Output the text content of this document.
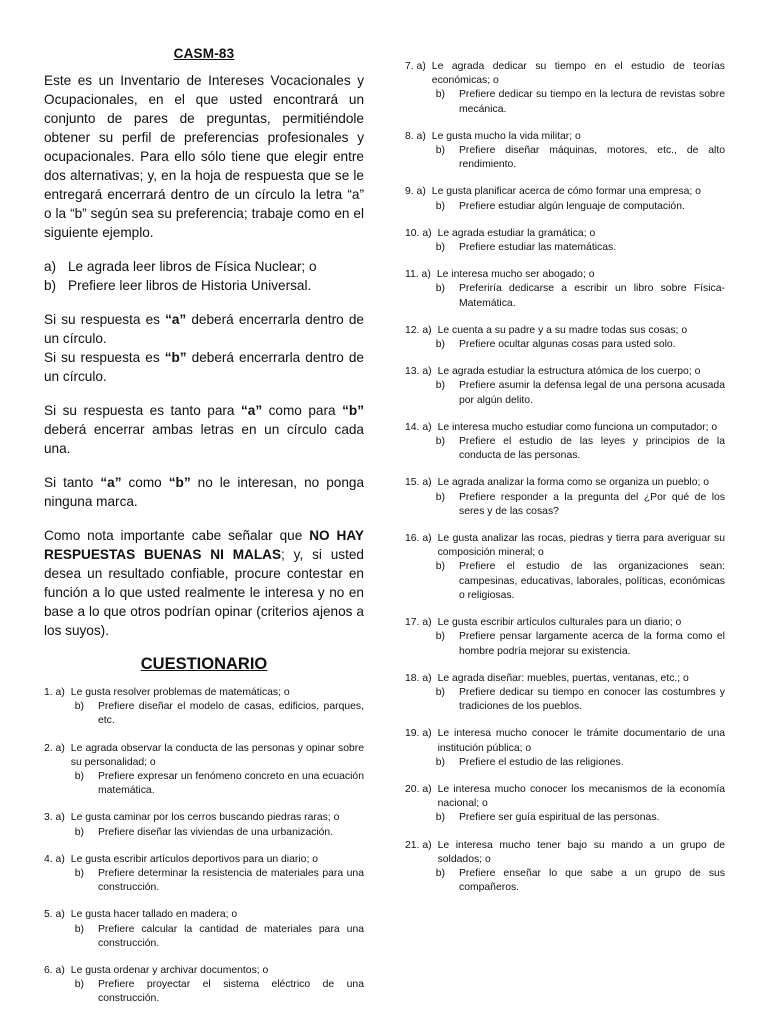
CASM-83

Este es un Inventario de Intereses Vocacionales y Ocupacionales, en el que usted encontrará un conjunto de pares de preguntas, permitiéndole obtener su perfil de preferencias profesionales y ocupacionales. Para ello sólo tiene que elegir entre dos alternativas; y, en la hoja de respuesta que se le entregará encerrará dentro de un círculo la letra “a” o la “b” según sea su preferencia; trabaje como en el siguiente ejemplo.

a) Le agrada leer libros de Física Nuclear; o
b) Prefiere leer libros de Historia Universal.

Si su respuesta es “a” deberá encerrarla dentro de un círculo.

Si su respuesta es “b” deberá encerrarla dentro de un círculo.

Si su respuesta es tanto para “a” como para “b” deberá encerrar ambas letras en un círculo cada una.

Si tanto “a” como “b” no le interesan, no ponga ninguna marca.

Como nota importante cabe señalar que NO HAY RESPUESTAS BUENAS NI MALAS; y, si usted desea un resultado confiable, procure contestar en función a lo que usted realmente le interesa y no en base a lo que otros podrían opinar (criterios ajenos a los suyos).

CUESTIONARIO
1. a) Le gusta resolver problemas de matemáticas; o
b)	Prefiere diseñar el modelo de casas, edificios, parques, etc.
2. a) Le agrada observar la conducta de las personas y opinar sobre su personalidad; o
b)	Prefiere expresar un fenómeno concreto en una ecuación matemática.
3. a) Le gusta caminar por los cerros buscando piedras raras; o
b)	Prefiere diseñar las viviendas de una urbanización.
4. a) Le gusta escribir artículos deportivos para un diario; o
b)	Prefiere determinar la resistencia de materiales para una construcción.
5. a) Le gusta hacer tallado en madera; o
b)	Prefiere calcular la cantidad de materiales para una construcción.
6. a) Le gusta ordenar y archivar documentos; o
b)	Prefiere proyectar el sistema eléctrico de una construcción.
7. a) Le agrada dedicar su tiempo en el estudio de teorías económicas; o
b)	Prefiere dedicar su tiempo en la lectura de revistas sobre mecánica.
8. a) Le gusta mucho la vida militar; o
b)	Prefiere diseñar máquinas, motores, etc., de alto rendimiento.
9. a) Le gusta planificar acerca de cómo formar una empresa; o
b)	Prefiere estudiar algún lenguaje de computación.
10. a) Le agrada estudiar la gramática; o
b)	Prefiere estudiar las matemáticas.
11. a) Le interesa mucho ser abogado; o
b)	Preferiría dedicarse a escribir un libro sobre Física-Matemática.
12. a) Le cuenta a su padre y a su madre todas sus cosas; o
b)	Prefiere ocultar algunas cosas para usted solo.
13. a) Le agrada estudiar la estructura atómica de los cuerpo; o
b)	Prefiere asumir la defensa legal de una persona acusada por algún delito.
14. a) Le interesa mucho estudiar como funciona un computador; o
b)	Prefiere el estudio de las leyes y principios de la conducta de las personas.
15. a) Le agrada analizar la forma como se organiza un pueblo; o
b)	Prefiere responder a la pregunta del ¿Por qué de los seres y de las cosas?
16. a) Le gusta analizar las rocas, piedras y tierra para averiguar su composición mineral; o
b)	Prefiere el estudio de las organizaciones sean: campesinas, educativas, laborales, políticas, económicas o religiosas.
17. a) Le gusta escribir artículos culturales para un diario; o
b)	Prefiere pensar largamente acerca de la forma como el hombre podría mejorar su existencia.
18. a) Le agrada diseñar: muebles, puertas, ventanas, etc.; o
b)	Prefiere dedicar su tiempo en conocer las costumbres y tradiciones de los pueblos.
19. a) Le interesa mucho conocer le trámite documentario de una institución pública; o
b)	Prefiere el estudio de las religiones.
20. a) Le interesa mucho conocer los mecanismos de la economía nacional; o
b)	Prefiere ser guía espiritual de las personas.
21. a) Le interesa mucho tener bajo su mando a un grupo de soldados; o
b)	Prefiere enseñar lo que sabe a un grupo de sus compañeros.
